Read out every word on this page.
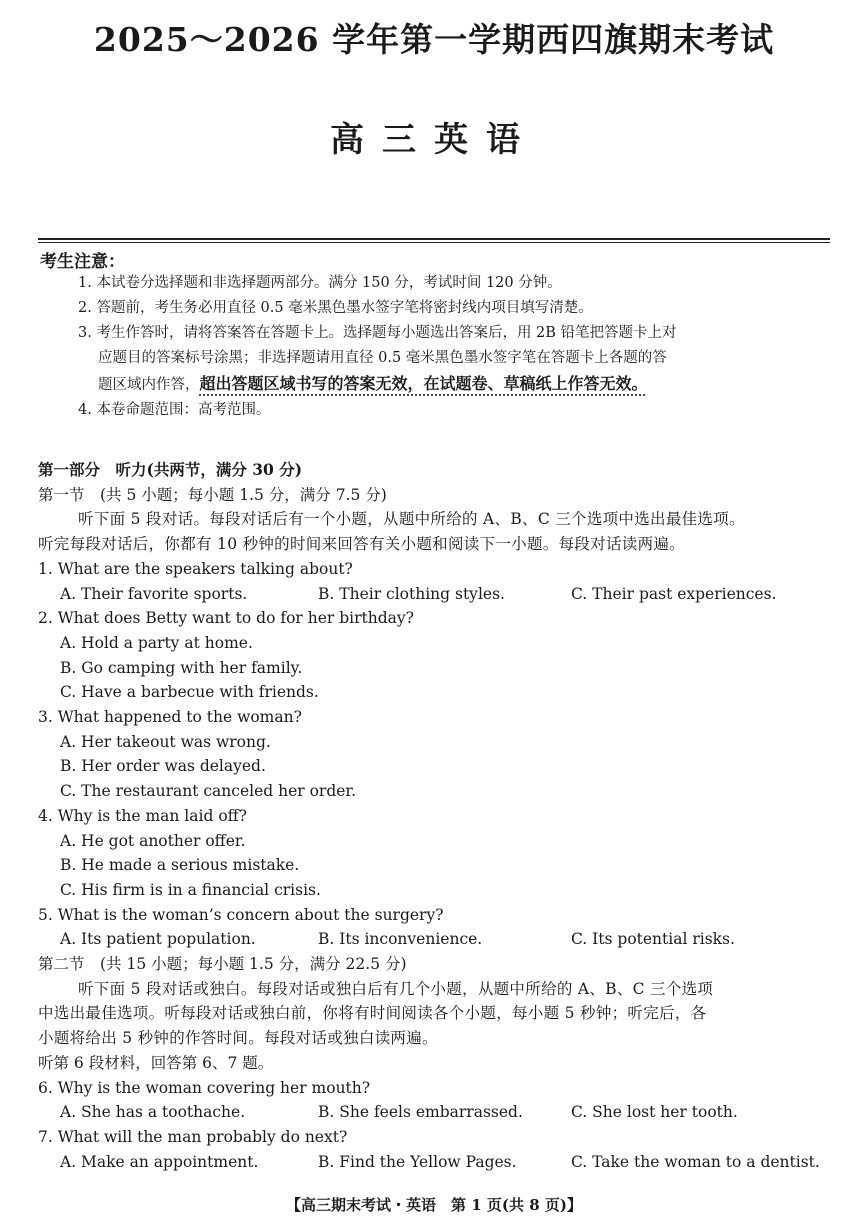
2025～2026 学年第一学期西四旗期末考试
高三英语
考生注意：

1. 本试卷分选择题和非选择题两部分。满分 150 分，考试时间 120 分钟。

2. 答题前，考生务必用直径 0.5 毫米黑色墨水签字笔将密封线内项目填写清楚。

3. 考生作答时，请将答案答在答题卡上。选择题每小题选出答案后，用 2B 铅笔把答题卡上对

应题目的答案标号涂黑；非选择题请用直径 0.5 毫米黑色墨水签字笔在答题卡上各题的答

题区域内作答，超出答题区域书写的答案无效，在试题卷、草稿纸上作答无效。

4. 本卷命题范围：高考范围。

第一部分　听力(共两节，满分 30 分)

第一节　(共 5 小题；每小题 1.5 分，满分 7.5 分)

听下面 5 段对话。每段对话后有一个小题，从题中所给的 A、B、C 三个选项中选出最佳选项。

听完每段对话后，你都有 10 秒钟的时间来回答有关小题和阅读下一小题。每段对话读两遍。

1. What are the speakers talking about?

A. Their favorite sports.	B. Their clothing styles.	C. Their past experiences.

2. What does Betty want to do for her birthday?

A. Hold a party at home.

B. Go camping with her family.

C. Have a barbecue with friends.

3. What happened to the woman?

A. Her takeout was wrong.

B. Her order was delayed.

C. The restaurant canceled her order.

4. Why is the man laid off?

A. He got another offer.

B. He made a serious mistake.

C. His firm is in a financial crisis.

5. What is the woman’s concern about the surgery?

A. Its patient population.	B. Its inconvenience.	C. Its potential risks.

第二节　(共 15 小题；每小题 1.5 分，满分 22.5 分)

听下面 5 段对话或独白。每段对话或独白后有几个小题，从题中所给的 A、B、C 三个选项

中选出最佳选项。听每段对话或独白前，你将有时间阅读各个小题，每小题 5 秒钟；听完后，各

小题将给出 5 秒钟的作答时间。每段对话或独白读两遍。

听第 6 段材料，回答第 6、7 题。

6. Why is the woman covering her mouth?

A. She has a toothache.	B. She feels embarrassed.	C. She lost her tooth.

7. What will the man probably do next?

A. Make an appointment.	B. Find the Yellow Pages.	C. Take the woman to a dentist.
【高三期末考试・英语　第 1 页(共 8 页)】
